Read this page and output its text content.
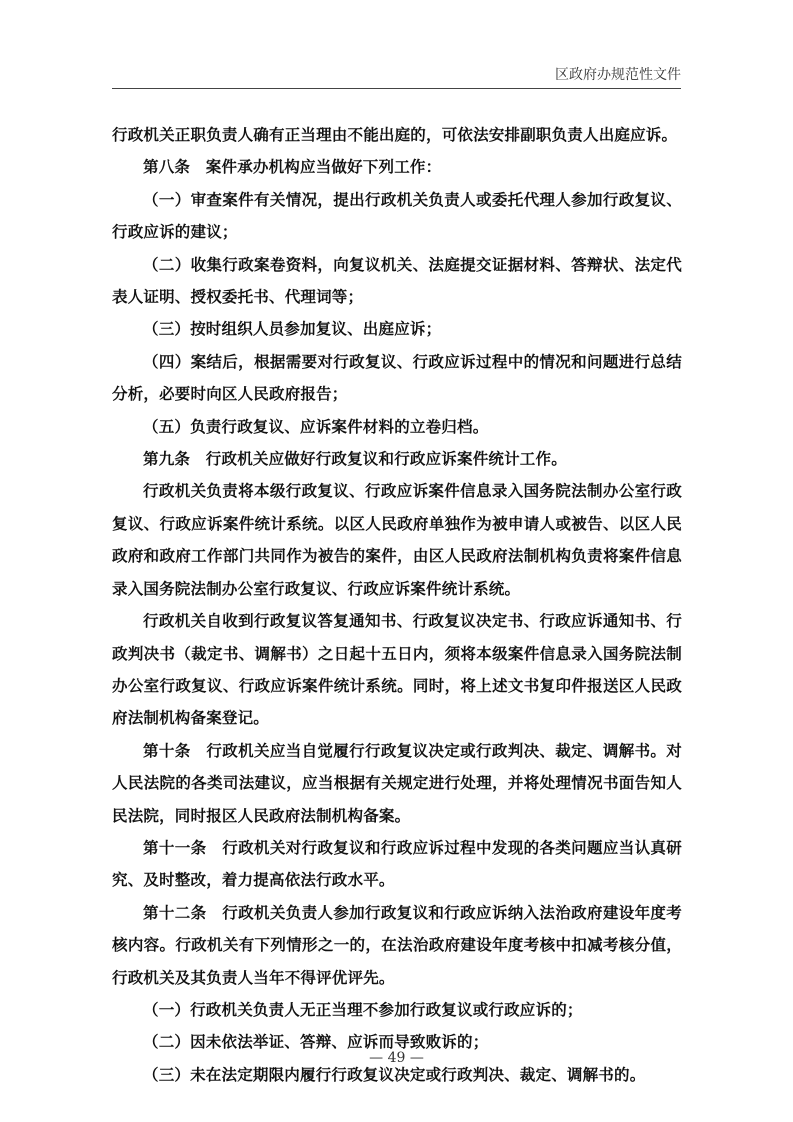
区政府办规范性文件

行政机关正职负责人确有正当理由不能出庭的，可依法安排副职负责人出庭应诉。

第八条　案件承办机构应当做好下列工作：

（一）审查案件有关情况，提出行政机关负责人或委托代理人参加行政复议、行政应诉的建议；

（二）收集行政案卷资料，向复议机关、法庭提交证据材料、答辩状、法定代表人证明、授权委托书、代理词等；

（三）按时组织人员参加复议、出庭应诉；

（四）案结后，根据需要对行政复议、行政应诉过程中的情况和问题进行总结分析，必要时向区人民政府报告；

（五）负责行政复议、应诉案件材料的立卷归档。

第九条　行政机关应做好行政复议和行政应诉案件统计工作。

行政机关负责将本级行政复议、行政应诉案件信息录入国务院法制办公室行政复议、行政应诉案件统计系统。以区人民政府单独作为被申请人或被告、以区人民政府和政府工作部门共同作为被告的案件，由区人民政府法制机构负责将案件信息录入国务院法制办公室行政复议、行政应诉案件统计系统。

行政机关自收到行政复议答复通知书、行政复议决定书、行政应诉通知书、行政判决书（裁定书、调解书）之日起十五日内，须将本级案件信息录入国务院法制办公室行政复议、行政应诉案件统计系统。同时，将上述文书复印件报送区人民政府法制机构备案登记。

第十条　行政机关应当自觉履行行政复议决定或行政判决、裁定、调解书。对人民法院的各类司法建议，应当根据有关规定进行处理，并将处理情况书面告知人民法院，同时报区人民政府法制机构备案。

第十一条　行政机关对行政复议和行政应诉过程中发现的各类问题应当认真研究、及时整改，着力提高依法行政水平。

第十二条　行政机关负责人参加行政复议和行政应诉纳入法治政府建设年度考核内容。行政机关有下列情形之一的，在法治政府建设年度考核中扣减考核分值，行政机关及其负责人当年不得评优评先。

（一）行政机关负责人无正当理不参加行政复议或行政应诉的；

（二）因未依法举证、答辩、应诉而导致败诉的；

（三）未在法定期限内履行行政复议决定或行政判决、裁定、调解书的。

— 49 —
